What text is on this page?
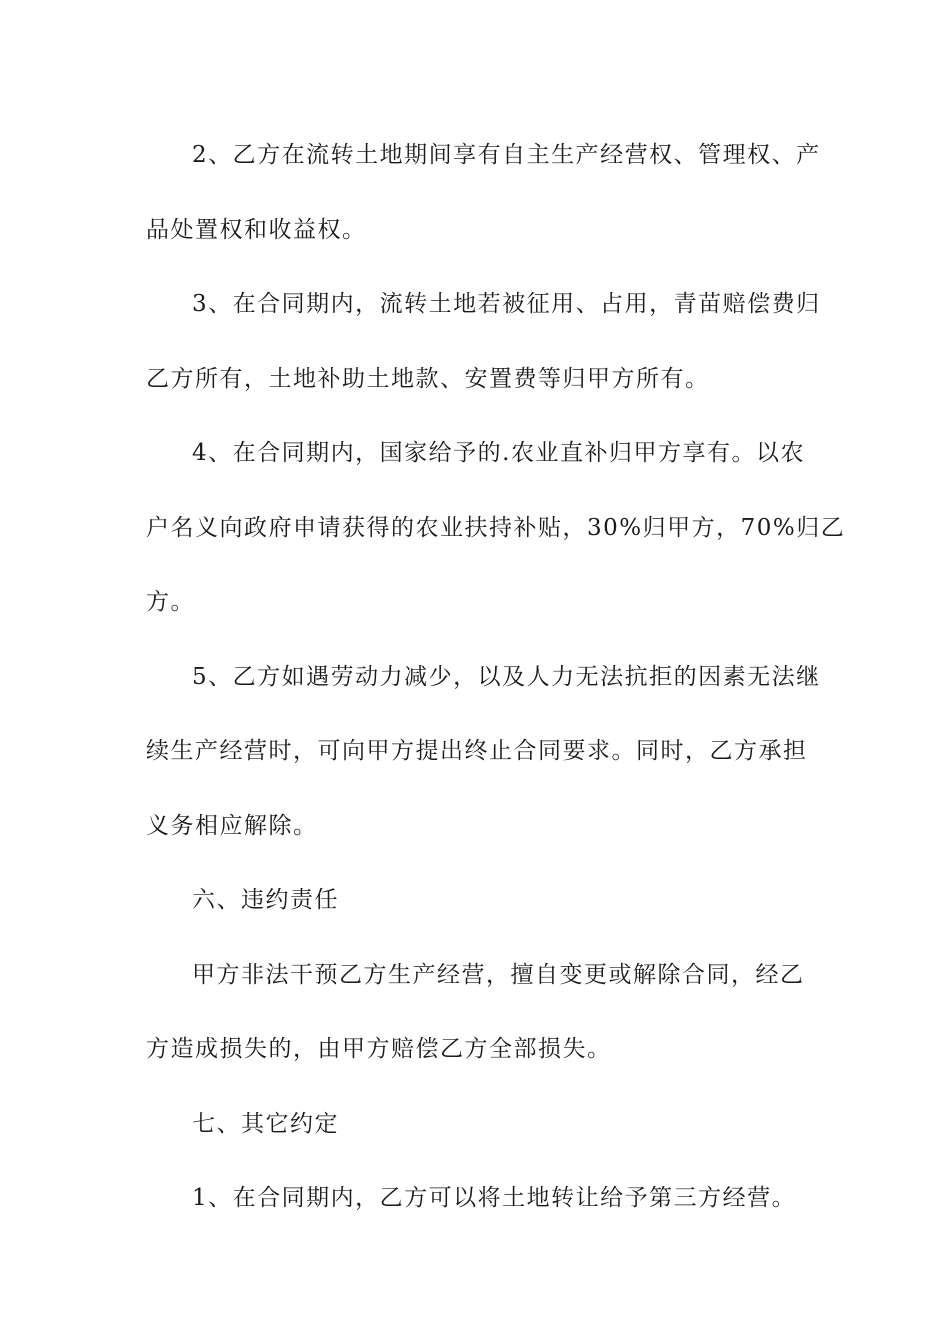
2、乙方在流转土地期间享有自主生产经营权、管理权、产
品处置权和收益权。
3、在合同期内，流转土地若被征用、占用，青苗赔偿费归
乙方所有，土地补助土地款、安置费等归甲方所有。
4、在合同期内，国家给予的.农业直补归甲方享有。以农
户名义向政府申请获得的农业扶持补贴，30%归甲方，70%归乙
方。
5、乙方如遇劳动力减少，以及人力无法抗拒的因素无法继
续生产经营时，可向甲方提出终止合同要求。同时，乙方承担
义务相应解除。
六、违约责任
甲方非法干预乙方生产经营，擅自变更或解除合同，经乙
方造成损失的，由甲方赔偿乙方全部损失。
七、其它约定
1、在合同期内，乙方可以将土地转让给予第三方经营。
